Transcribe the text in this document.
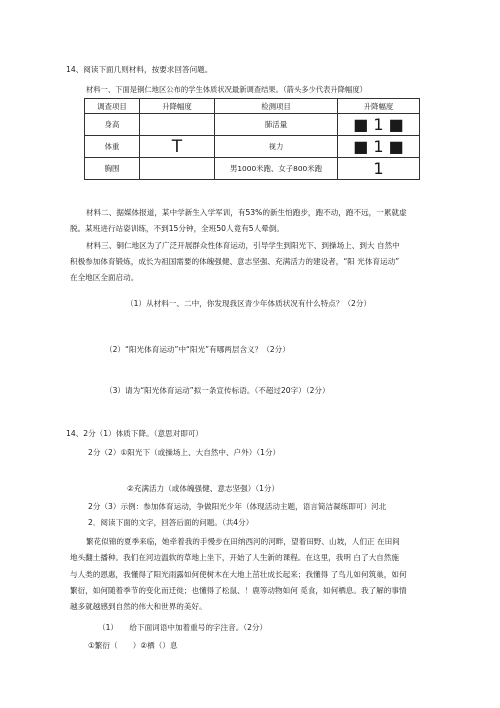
14、阅读下面几则材料，按要求回答问题。
材料一、下面是铜仁地区公布的学生体质状况最新调查结果。（箭头多少代表升降幅度）
调查项目	升降幅度	检测项目	升降幅度
身高		肺活量	■ 1 ■
体重	T	视力	■ 1 ■
胸围		男1000米跑、女子800米跑	1
材料二、据媒体报道，某中学新生入学军训，有53%的新生怕跑步，跑不动，跑不远，一累就虚
脱。某班进行站姿训练，不到15分钟，全班50人竟有5人晕倒。
材料三、铜仁地区为了广泛开展群众性体育运动，引导学生到阳光下、到操场上、到大 自然中
积极参加体育锻炼，成长为祖国需要的体魄强健、意志坚强、充满活力的建设者，“阳 光体育运动”
在全地区全面启动。
（1）从材料一、二中，你发现我区青少年体质状况有什么特点？（2分）
（2）“阳光体育运动”中“阳光”有哪两层含义？（2分）
（3）请为“阳光体育运动”拟一条宣传标语。（不超过20字）（2分）
14、2分（1）体质下降。（意思对即可）
2分（2）①阳光下（或操场上、大自然中、户外）（1分）
②充满活力（或体魄强健、意志坚强）（1分）
2分（3）示例：参加体育运动，争做阳光少年（体现活动主题，语言简洁凝练即可）河北
2．阅读下面的文字，回答后面的问题。（共4分）
繁花似锦的夏季来临，她牵着我的手慢步在田纳西河的河畔，望着田野、山坡，人们正 在田间
地头翻土播种。我们在河边温软的草地上坐下，开始了人生新的课程。在这里，我明 白了大自然施
与人类的恩惠，我懂得了阳光雨露如何使树木在大地上茁壮成长起来；我懂得 了鸟儿如何筑巢，如何
繁衍，如何随着季节的变化而迁徙；也懂得了松鼠、！鹿等动物如何 觅食，如何栖息。我了解的事情
越多就越感到自然的伟大和世界的美好。
（1）　　给下面词语中加着重号的字注音。（2分）
①繁衍（　　）②栖（）息
